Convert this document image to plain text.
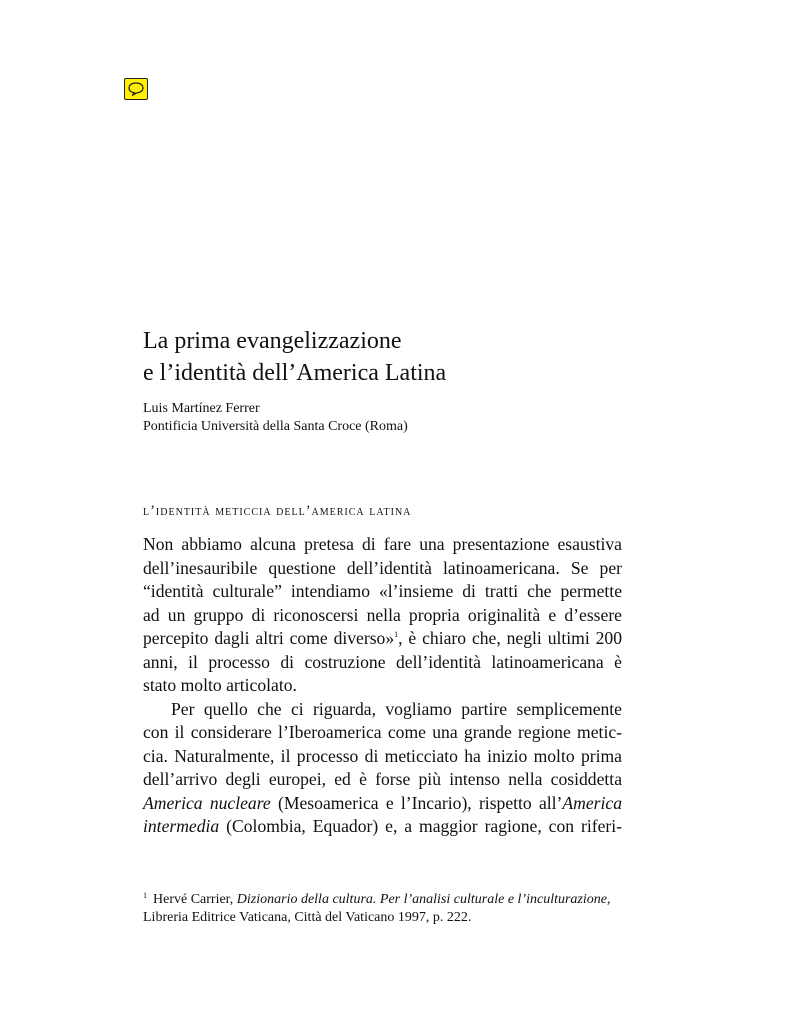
La prima evangelizzazione
e l’identità dell’America Latina
Luis Martínez Ferrer
Pontificia Università della Santa Croce (Roma)
l’identità meticcia dell’america latina
Non abbiamo alcuna pretesa di fare una presentazione esaustiva
dell’inesauribile questione dell’identità latinoamericana. Se per
“identità culturale” intendiamo «l’insieme di tratti che permette
ad un gruppo di riconoscersi nella propria originalità e d’essere
percepito dagli altri come diverso»$^1$, è chiaro che, negli ultimi 200
anni, il processo di costruzione dell’identità latinoamericana è
stato molto articolato.
Per quello che ci riguarda, vogliamo partire semplicemente
con il considerare l’Iberoamerica come una grande regione metic-
cia. Naturalmente, il processo di meticciato ha inizio molto prima
dell’arrivo degli europei, ed è forse più intenso nella cosiddetta
America nucleare (Mesoamerica e l’Incario), rispetto all’America
intermedia (Colombia, Equador) e, a maggior ragione, con riferi-
$^1$ Hervé Carrier, Dizionario della cultura. Per l’analisi culturale e l’inculturazione,
Libreria Editrice Vaticana, Città del Vaticano 1997, p. 222.
